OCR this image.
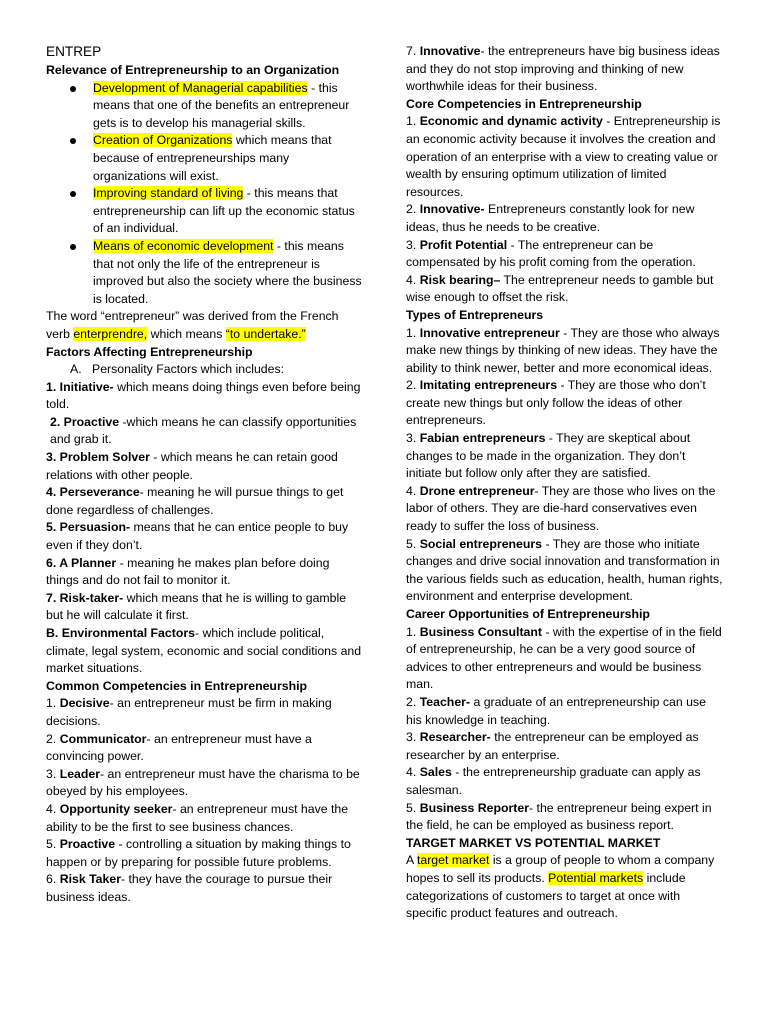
ENTREP

Relevance of Entrepreneurship to an Organization

Development of Managerial capabilities - this means that one of the benefits an entrepreneur gets is to develop his managerial skills.
Creation of Organizations which means that because of entrepreneurships many organizations will exist.
Improving standard of living - this means that entrepreneurship can lift up the economic status of an individual.
Means of economic development - this means that not only the life of the entrepreneur is improved but also the society where the business is located.

The word “entrepreneur” was derived from the French verb enterprendre, which means “to undertake.”

Factors Affecting Entrepreneurship

A. Personality Factors which includes:

1. Initiative- which means doing things even before being told.

2. Proactive -which means he can classify opportunities and grab it.

3. Problem Solver - which means he can retain good relations with other people.

4. Perseverance- meaning he will pursue things to get done regardless of challenges.

5. Persuasion- means that he can entice people to buy even if they don’t.

6. A Planner - meaning he makes plan before doing things and do not fail to monitor it.

7. Risk-taker- which means that he is willing to gamble but he will calculate it first.

B. Environmental Factors- which include political, climate, legal system, economic and social conditions and market situations.

Common Competencies in Entrepreneurship

1. Decisive- an entrepreneur must be firm in making decisions.

2. Communicator- an entrepreneur must have a convincing power.

3. Leader- an entrepreneur must have the charisma to be obeyed by his employees.

4. Opportunity seeker- an entrepreneur must have the ability to be the first to see business chances.

5. Proactive - controlling a situation by making things to happen or by preparing for possible future problems.

6. Risk Taker- they have the courage to pursue their business ideas.

7. Innovative- the entrepreneurs have big business ideas and they do not stop improving and thinking of new worthwhile ideas for their business.

Core Competencies in Entrepreneurship

1. Economic and dynamic activity - Entrepreneurship is an economic activity because it involves the creation and operation of an enterprise with a view to creating value or wealth by ensuring optimum utilization of limited resources.

2. Innovative- Entrepreneurs constantly look for new ideas, thus he needs to be creative.

3. Profit Potential - The entrepreneur can be compensated by his profit coming from the operation.

4. Risk bearing– The entrepreneur needs to gamble but wise enough to offset the risk.

Types of Entrepreneurs

1. Innovative entrepreneur - They are those who always make new things by thinking of new ideas. They have the ability to think newer, better and more economical ideas.

2. Imitating entrepreneurs - They are those who don’t create new things but only follow the ideas of other entrepreneurs.

3. Fabian entrepreneurs - They are skeptical about changes to be made in the organization. They don’t initiate but follow only after they are satisfied.

4. Drone entrepreneur- They are those who lives on the labor of others. They are die-hard conservatives even ready to suffer the loss of business.

5. Social entrepreneurs - They are those who initiate changes and drive social innovation and transformation in the various fields such as education, health, human rights, environment and enterprise development.

Career Opportunities of Entrepreneurship

1. Business Consultant - with the expertise of in the field of entrepreneurship, he can be a very good source of advices to other entrepreneurs and would be business man.

2. Teacher- a graduate of an entrepreneurship can use his knowledge in teaching.

3. Researcher- the entrepreneur can be employed as researcher by an enterprise.

4. Sales - the entrepreneurship graduate can apply as salesman.

5. Business Reporter- the entrepreneur being expert in the field, he can be employed as business report.

TARGET MARKET VS POTENTIAL MARKET

A target market is a group of people to whom a company hopes to sell its products. Potential markets include categorizations of customers to target at once with specific product features and outreach.
